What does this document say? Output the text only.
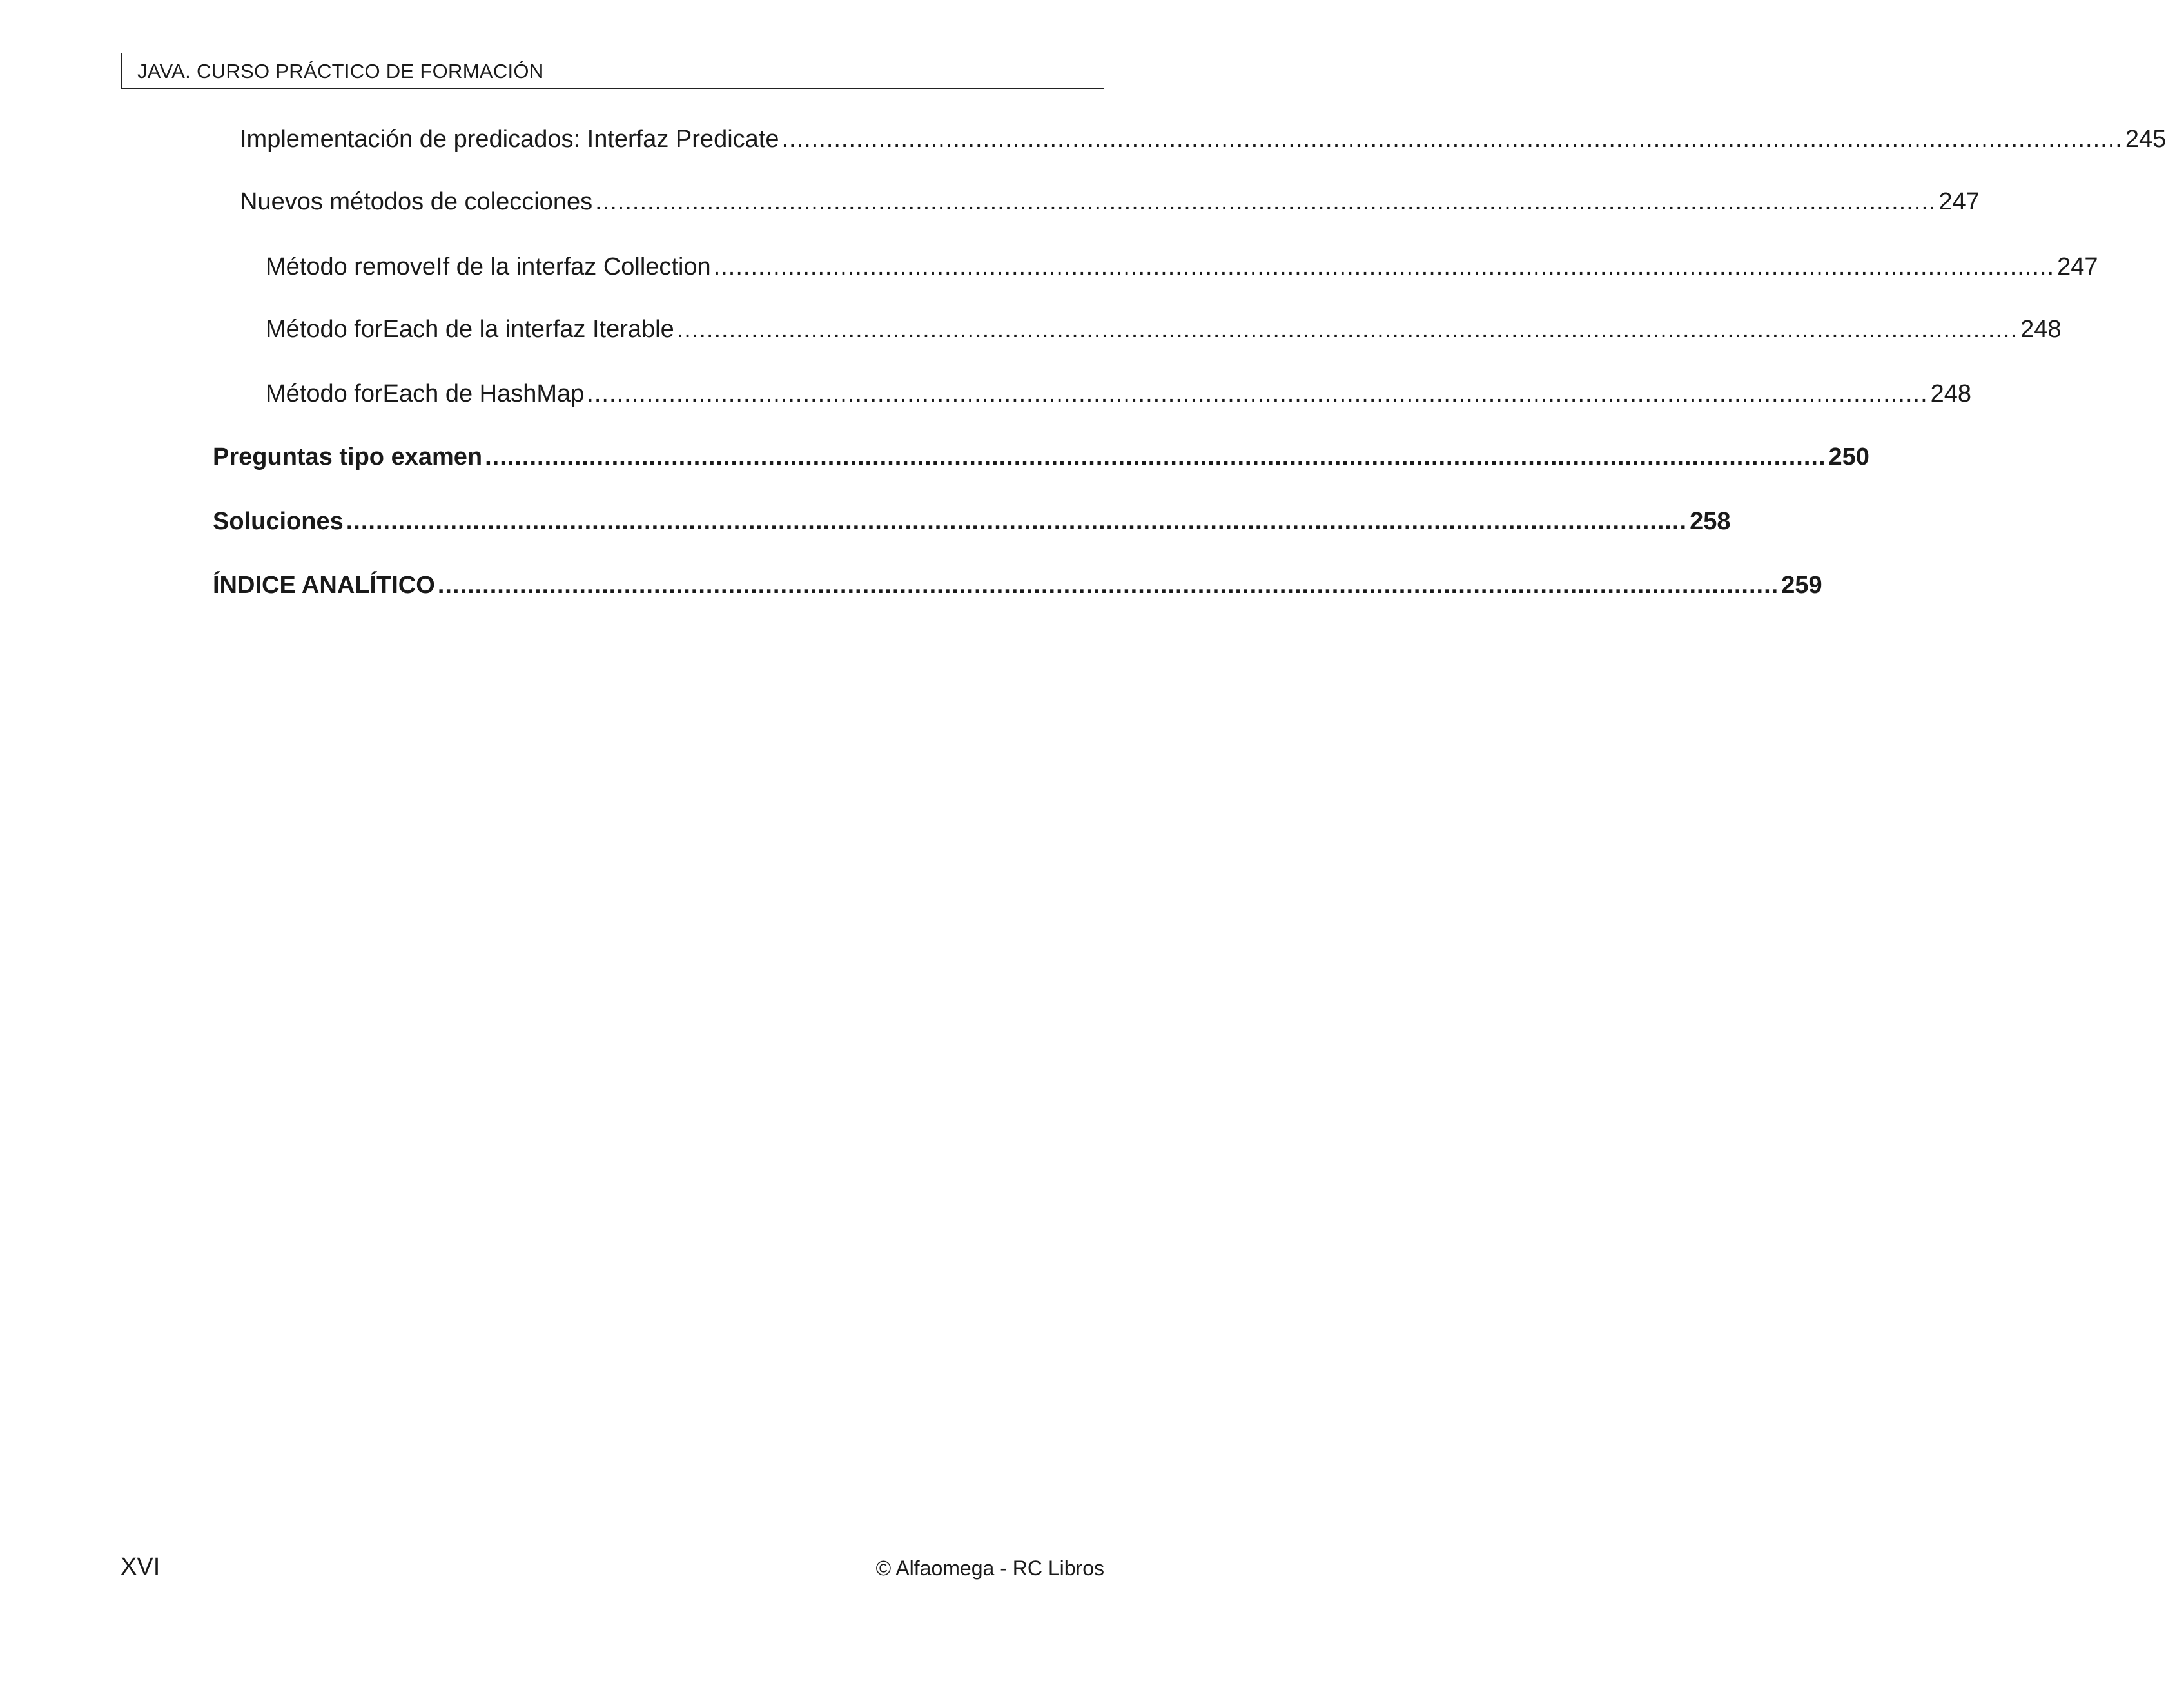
JAVA. CURSO PRÁCTICO DE FORMACIÓN
Implementación de predicados: Interfaz Predicate .................................................................................................................................................................................... 245
Nuevos métodos de colecciones .................................................................................................................................................................................... 247
Método removeIf de la interfaz Collection .................................................................................................................................................................................... 247
Método forEach de la interfaz Iterable .................................................................................................................................................................................... 248
Método forEach de HashMap .................................................................................................................................................................................... 248
Preguntas tipo examen .................................................................................................................................................................................... 250
Soluciones .................................................................................................................................................................................... 258
ÍNDICE ANALÍTICO .................................................................................................................................................................................... 259
XVI	© Alfaomega - RC Libros
